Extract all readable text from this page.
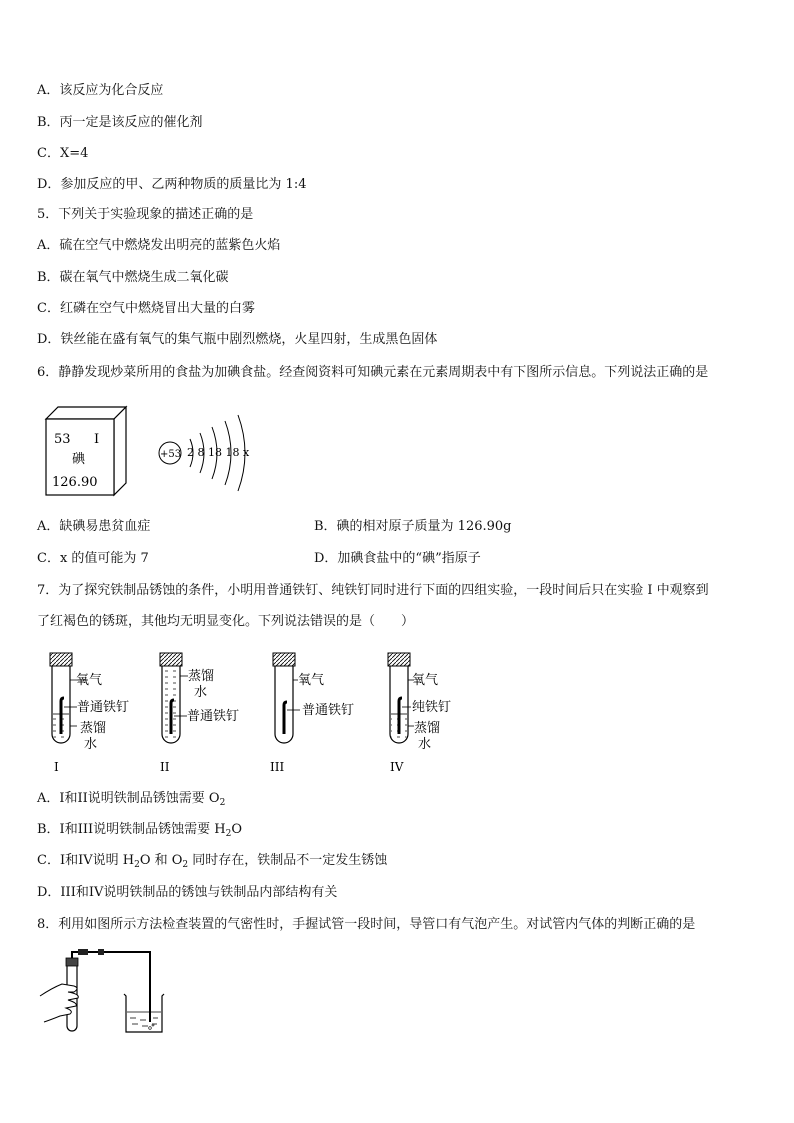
A．该反应为化合反应
B．丙一定是该反应的催化剂
C．X=4
D．参加反应的甲、乙两种物质的质量比为 1:4
5．下列关于实验现象的描述正确的是
A．硫在空气中燃烧发出明亮的蓝紫色火焰
B．碳在氧气中燃烧生成二氧化碳
C．红磷在空气中燃烧冒出大量的白雾
D．铁丝能在盛有氧气的集气瓶中剧烈燃烧，火星四射，生成黑色固体
6．静静发现炒菜所用的食盐为加碘食盐。经查阅资料可知碘元素在元素周期表中有下图所示信息。下列说法正确的是
53 I
碘
126.90
+53 2 8 18 18 x
A．缺碘易患贫血症	B．碘的相对原子质量为 126.90g
C．x 的值可能为 7	D．加碘食盐中的“碘”指原子
7．为了探究铁制品锈蚀的条件，小明用普通铁钉、纯铁钉同时进行下面的四组实验，一段时间后只在实验 I 中观察到
了红褐色的锈斑，其他均无明显变化。下列说法错误的是（　　）
氧气
普通铁钉
蒸馏
水
I
蒸馏
水
普通铁钉
II
氧气
普通铁钉
III
氧气
纯铁钉
蒸馏
水
IV
A．I和II说明铁制品锈蚀需要 $O_2$
B．I和III说明铁制品锈蚀需要 $H_2O$
C．I和IV说明 $H_2O$ 和 $O_2$ 同时存在，铁制品不一定发生锈蚀
D．III和IV说明铁制品的锈蚀与铁制品内部结构有关
8．利用如图所示方法检查装置的气密性时，手握试管一段时间，导管口有气泡产生。对试管内气体的判断正确的是
